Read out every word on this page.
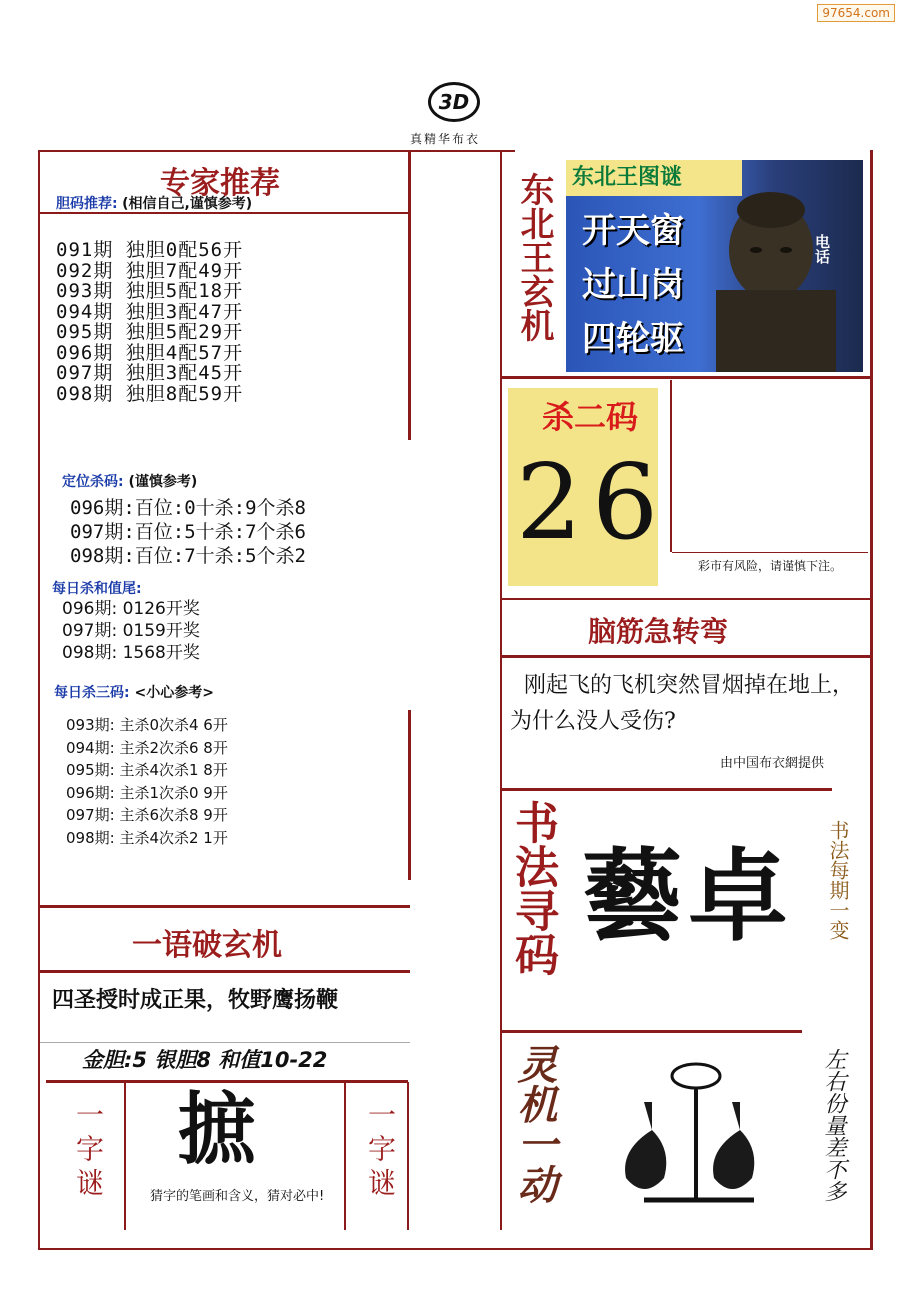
97654.com
3D
真精华布衣
专家推荐
胆码推荐: (相信自己,谨慎参考)
091期 独胆0配56开
092期 独胆7配49开
093期 独胆5配18开
094期 独胆3配47开
095期 独胆5配29开
096期 独胆4配57开
097期 独胆3配45开
098期 独胆8配59开
定位杀码: (谨慎参考)
096期:百位:0十杀:9个杀8
097期:百位:5十杀:7个杀6
098期:百位:7十杀:5个杀2
每日杀和值尾:
096期: 0126开奖
097期: 0159开奖
098期: 1568开奖
每日杀三码: <小心参考>
093期: 主杀0次杀4 6开
094期: 主杀2次杀6 8开
095期: 主杀4次杀1 8开
096期: 主杀1次杀0 9开
097期: 主杀6次杀8 9开
098期: 主杀4次杀2 1开
一语破玄机
四圣授时成正果，牧野鹰扬鞭
金胆:5 银胆8 和值10-22
一字谜	一字谜
摭
猜字的笔画和含义，猜对必中!
东北王玄机 东北王图谜
开天窗
过山岗
四轮驱
电话
杀二码
2 6
彩市有风险，请谨慎下注。
脑筋急转弯
刚起飞的飞机突然冒烟掉在地上，为什么没人受伤?
由中国布衣網提供
书法寻码 藝卓 书法每期一变
灵机一动	左右份量差不多
